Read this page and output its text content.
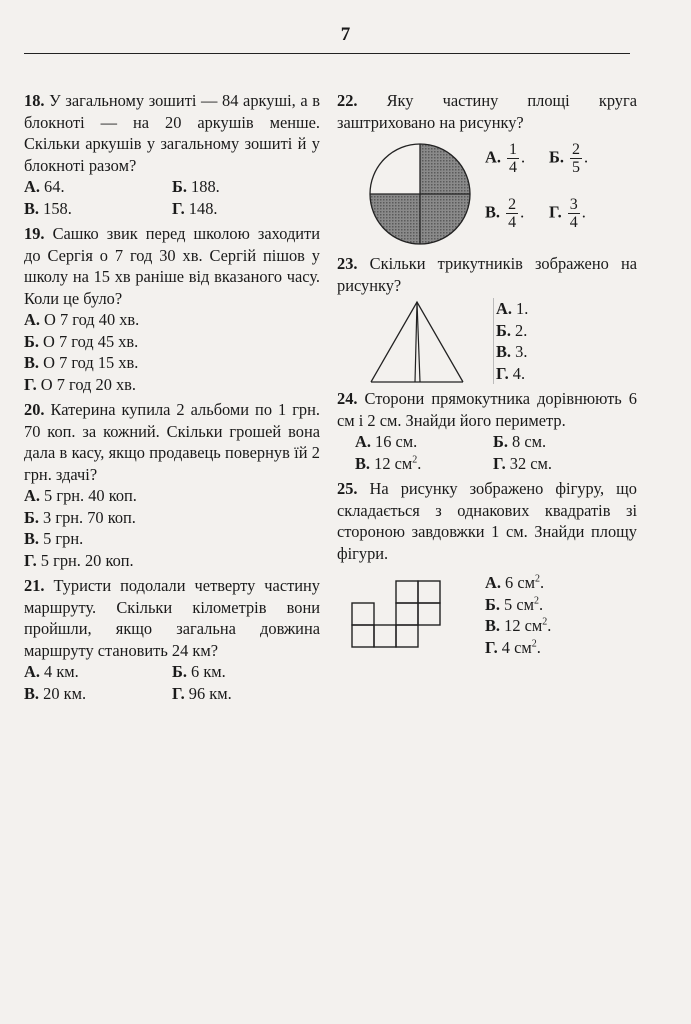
7
18. У загальному зошиті — 84 аркуші, а в блокноті — на 20 аркушів менше. Скільки аркушів у загальному зошиті й у блокноті разом?
А. 64.	Б. 188.
В. 158.	Г. 148.
19. Сашко звик перед школою заходити до Сергія о 7 год 30 хв. Сергій пішов у школу на 15 хв раніше від вказаного часу. Коли це було?
А. О 7 год 40 хв.
Б. О 7 год 45 хв.
В. О 7 год 15 хв.
Г. О 7 год 20 хв.
20. Катерина купила 2 альбоми по 1 грн. 70 коп. за кожний. Скільки грошей вона дала в касу, якщо продавець повернув їй 2 грн. здачі?
А. 5 грн. 40 коп.
Б. 3 грн. 70 коп.
В. 5 грн.
Г. 5 грн. 20 коп.
21. Туристи подолали четверту частину маршруту. Скільки кілометрів вони пройшли, якщо загальна довжина маршруту становить 24 км?
А. 4 км.	Б. 6 км.
В. 20 км.	Г. 96 км.
22. Яку частину площі круга заштриховано на рисунку?
А. $\frac{1}{4}$ .	Б. $\frac{2}{5}$ .
В. $\frac{2}{4}$ .	Г. $\frac{3}{4}$ .
23. Скільки трикутників зображено на рисунку?
А. 1.
Б. 2.
В. 3.
Г. 4.
24. Сторони прямокутника дорівнюють 6 см і 2 см. Знайди його периметр.
А. 16 см.	Б. 8 см.
В. 12 $см^2$.	Г. 32 см.
25. На рисунку зображено фігуру, що складається з однакових квадратів зі стороною завдовжки 1 см. Знайди площу фігури.
А. 6 $см^2$.
Б. 5 $см^2$.
В. 12 $см^2$.
Г. 4 $см^2$.
